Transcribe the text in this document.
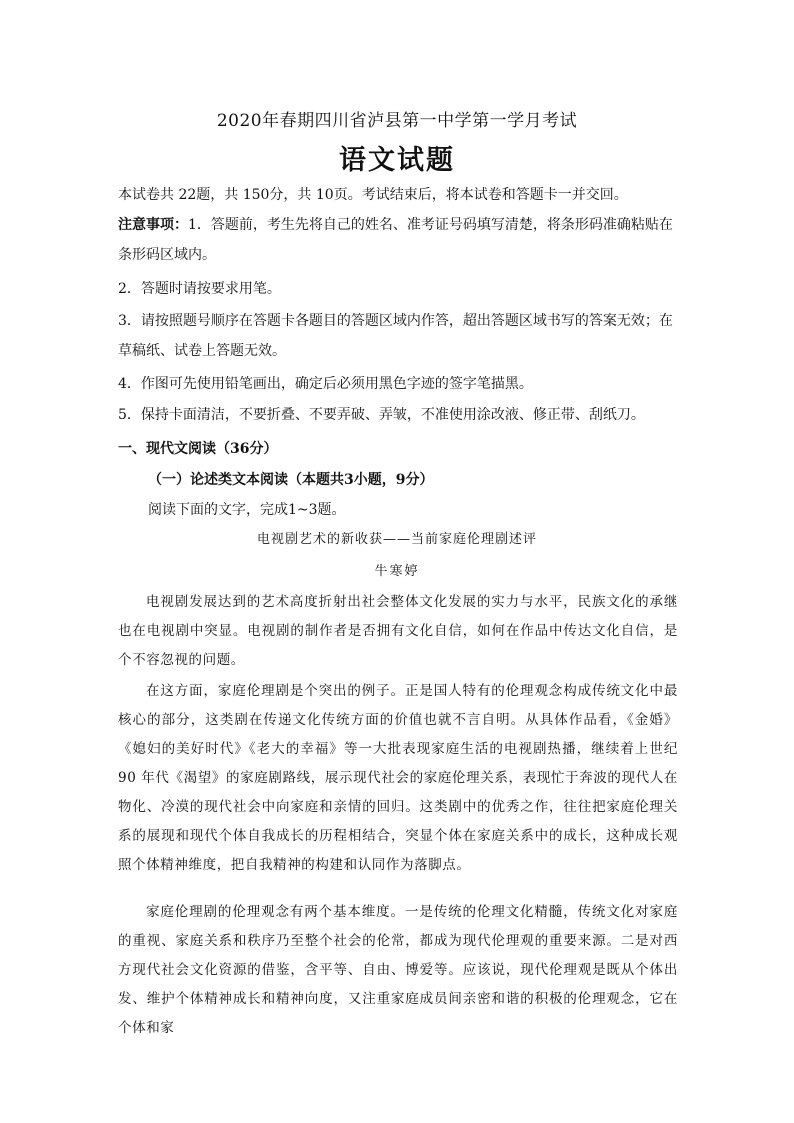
2020年春期四川省泸县第一中学第一学月考试
语文试题
本试卷共 22题，共 150分，共 10页。考试结束后，将本试卷和答题卡一并交回。
注意事项：1．答题前，考生先将自己的姓名、准考证号码填写清楚，将条形码准确粘贴在条形码区域内。
2．答题时请按要求用笔。
3．请按照题号顺序在答题卡各题目的答题区域内作答，超出答题区域书写的答案无效；在草稿纸、试卷上答题无效。
4．作图可先使用铅笔画出，确定后必须用黑色字迹的签字笔描黑。
5．保持卡面清洁，不要折叠、不要弄破、弄皱，不准使用涂改液、修正带、刮纸刀。
一、现代文阅读（36分）
（一）论述类文本阅读（本题共3小题，9分）
阅读下面的文字，完成1~3题。
电视剧艺术的新收获——当前家庭伦理剧述评
牛寒婷
电视剧发展达到的艺术高度折射出社会整体文化发展的实力与水平，民族文化的承继也在电视剧中突显。电视剧的制作者是否拥有文化自信，如何在作品中传达文化自信，是个不容忽视的问题。
在这方面，家庭伦理剧是个突出的例子。正是国人特有的伦理观念构成传统文化中最核心的部分，这类剧在传递文化传统方面的价值也就不言自明。从具体作品看，《金婚》《媳妇的美好时代》《老大的幸福》等一大批表现家庭生活的电视剧热播，继续着上世纪 90 年代《渴望》的家庭剧路线，展示现代社会的家庭伦理关系，表现忙于奔波的现代人在物化、冷漠的现代社会中向家庭和亲情的回归。这类剧中的优秀之作，往往把家庭伦理关系的展现和现代个体自我成长的历程相结合，突显个体在家庭关系中的成长，这种成长观照个体精神维度，把自我精神的构建和认同作为落脚点。
家庭伦理剧的伦理观念有两个基本维度。一是传统的伦理文化精髓，传统文化对家庭的重视、家庭关系和秩序乃至整个社会的伦常，都成为现代伦理观的重要来源。二是对西方现代社会文化资源的借鉴，含平等、自由、博爱等。应该说，现代伦理观是既从个体出发、维护个体精神成长和精神向度，又注重家庭成员间亲密和谐的积极的伦理观念，它在个体和家
